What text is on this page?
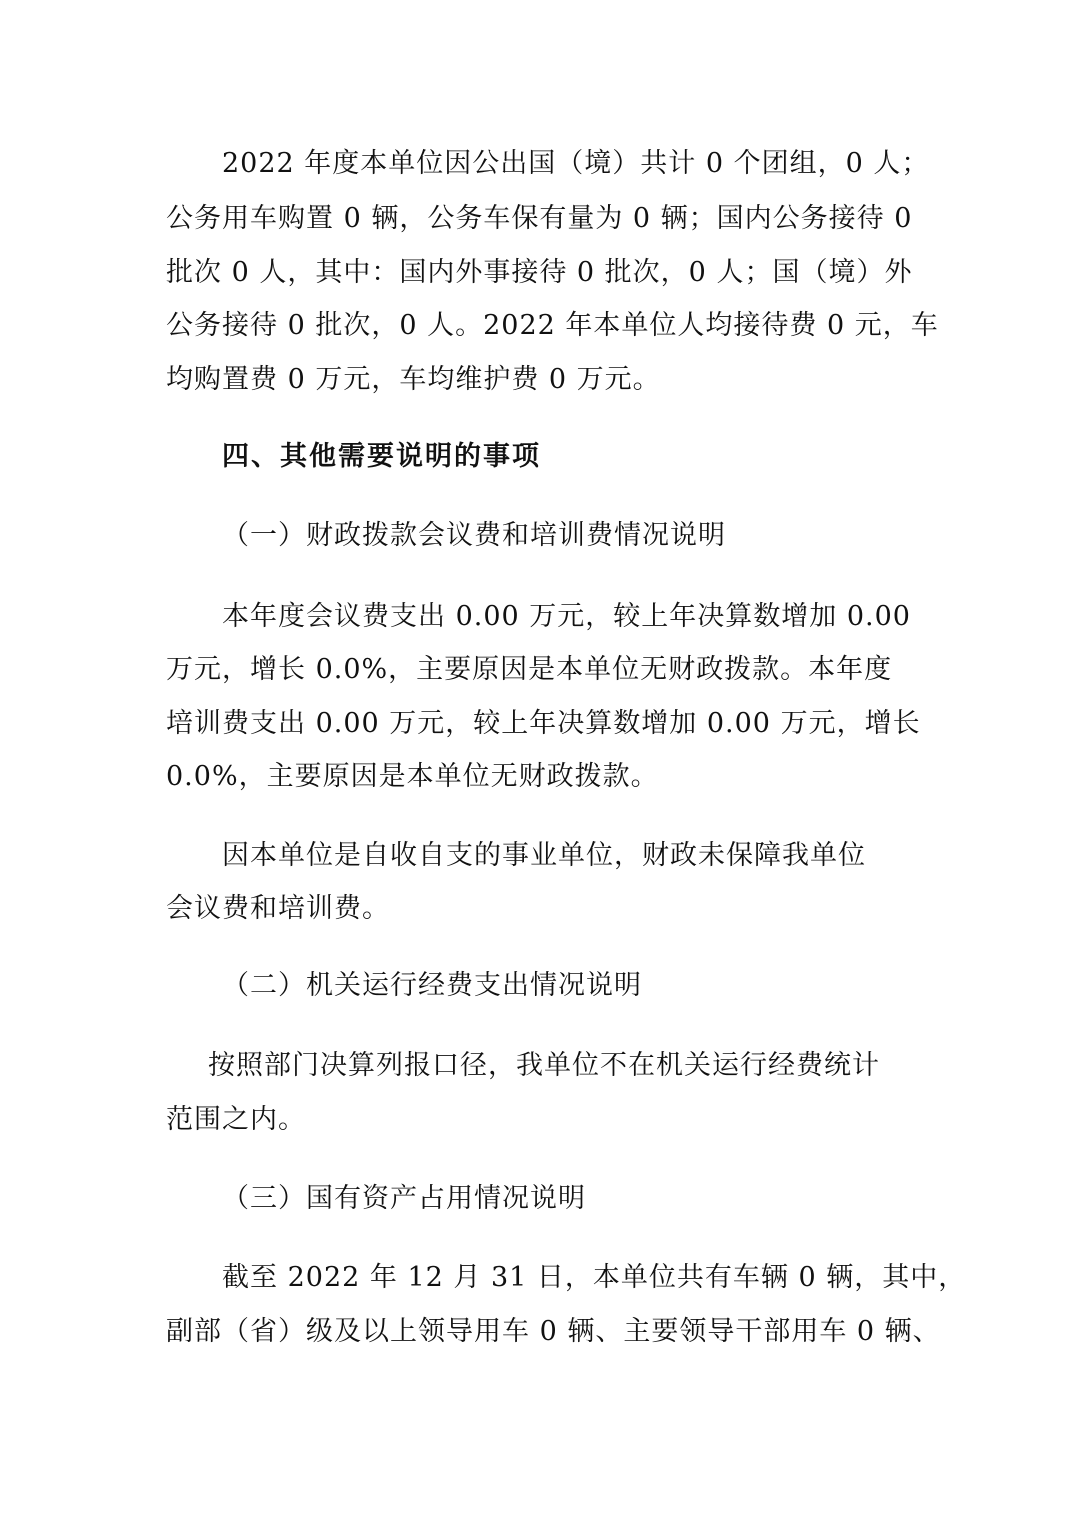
2022 年度本单位因公出国（境）共计 0 个团组，0 人；
公务用车购置 0 辆，公务车保有量为 0 辆；国内公务接待 0
批次 0 人，其中：国内外事接待 0 批次，0 人；国（境）外
公务接待 0 批次，0 人。2022 年本单位人均接待费 0 元，车
均购置费 0 万元，车均维护费 0 万元。
四、其他需要说明的事项
（一）财政拨款会议费和培训费情况说明
本年度会议费支出 0.00 万元，较上年决算数增加 0.00
万元，增长 0.0%，主要原因是本单位无财政拨款。本年度
培训费支出 0.00 万元，较上年决算数增加 0.00 万元，增长
0.0%，主要原因是本单位无财政拨款。
因本单位是自收自支的事业单位，财政未保障我单位
会议费和培训费。
（二）机关运行经费支出情况说明
按照部门决算列报口径，我单位不在机关运行经费统计
范围之内。
（三）国有资产占用情况说明
截至 2022 年 12 月 31 日，本单位共有车辆 0 辆，其中，
副部（省）级及以上领导用车 0 辆、主要领导干部用车 0 辆、
